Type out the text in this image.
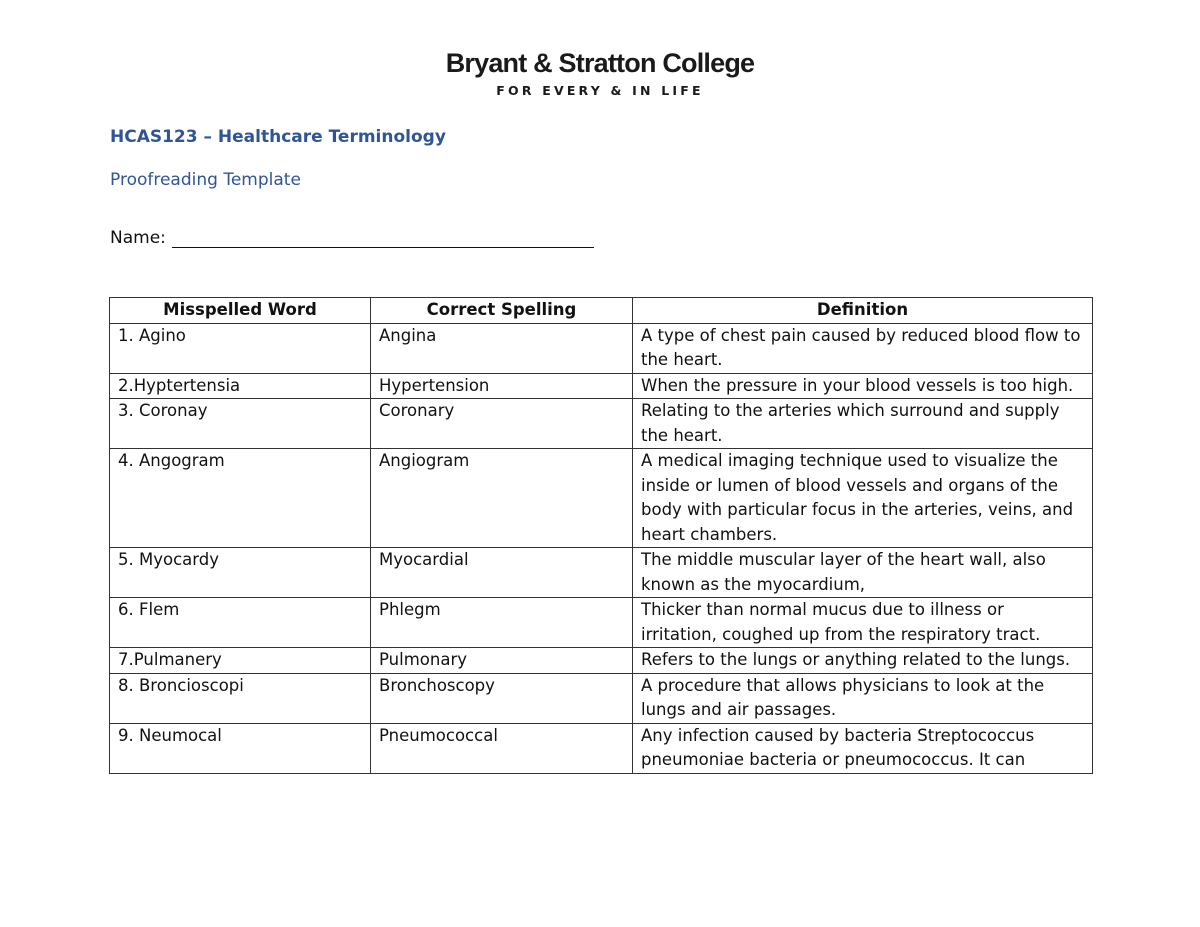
Bryant & Stratton College
FOR EVERY & IN LIFE
HCAS123 – Healthcare Terminology
Proofreading Template
Name:
Misspelled Word	Correct Spelling	Definition
1. Agino	Angina	A type of chest pain caused by reduced blood flow to the heart.
2.Hyptertensia	Hypertension	When the pressure in your blood vessels is too high.
3. Coronay	Coronary	Relating to the arteries which surround and supply the heart.
4. Angogram	Angiogram	A medical imaging technique used to visualize the inside or lumen of blood vessels and organs of the body with particular focus in the arteries, veins, and heart chambers.
5. Myocardy	Myocardial	The middle muscular layer of the heart wall, also known as the myocardium,
6. Flem	Phlegm	Thicker than normal mucus due to illness or irritation, coughed up from the respiratory tract.
7.Pulmanery	Pulmonary	Refers to the lungs or anything related to the lungs.
8. Broncioscopi	Bronchoscopy	A procedure that allows physicians to look at the lungs and air passages.
9. Neumocal	Pneumococcal	Any infection caused by bacteria Streptococcus pneumoniae bacteria or pneumococcus. It can
